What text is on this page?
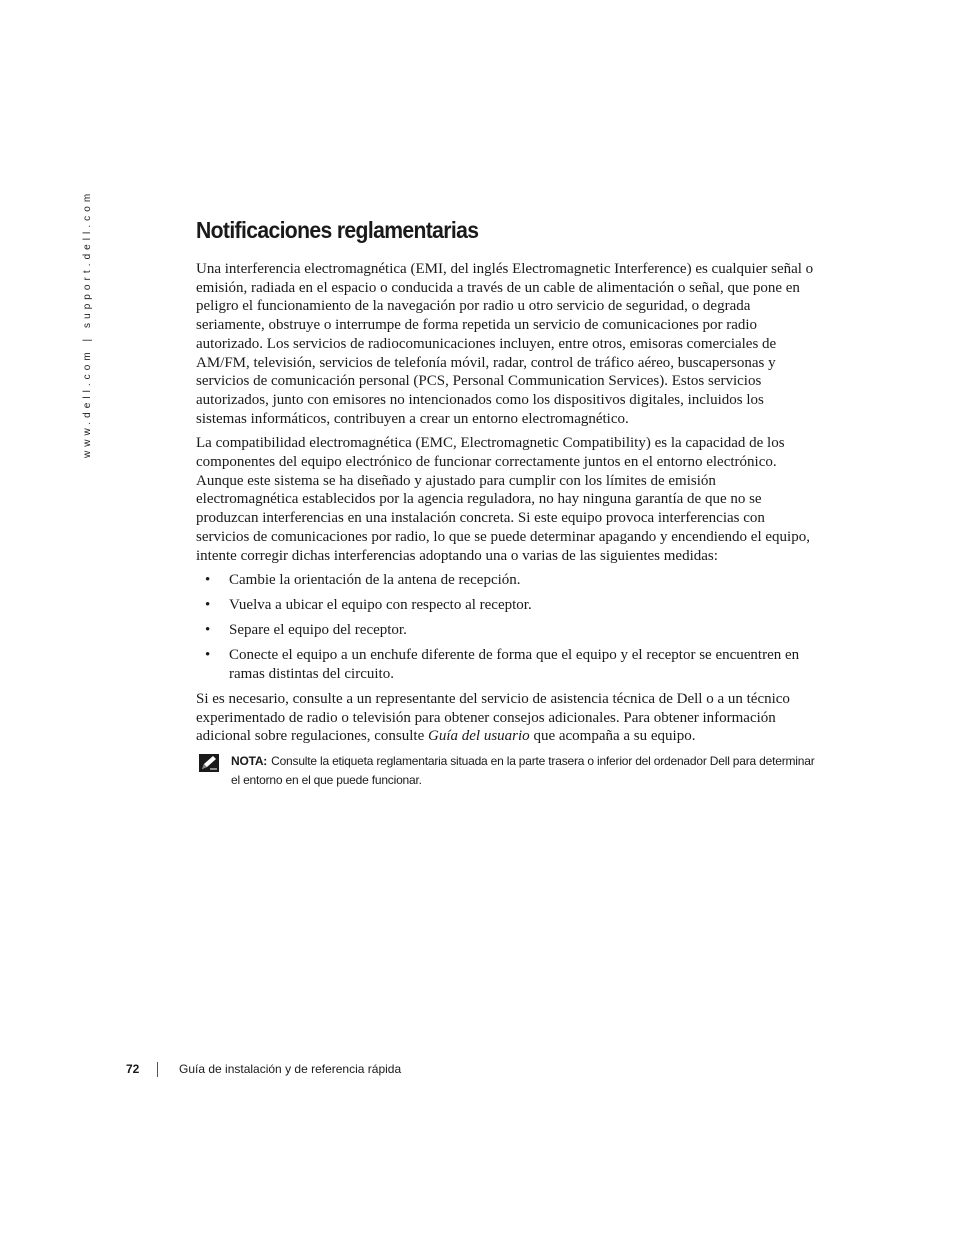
www.dell.com | support.dell.com	Notificaciones reglamentarias

Una interferencia electromagnética (EMI, del inglés Electromagnetic Interference) es cualquier señal o emisión, radiada en el espacio o conducida a través de un cable de alimentación o señal, que pone en peligro el funcionamiento de la navegación por radio u otro servicio de seguridad, o degrada seriamente, obstruye o interrumpe de forma repetida un servicio de comunicaciones por radio autorizado. Los servicios de radiocomunicaciones incluyen, entre otros, emisoras comerciales de AM/FM, televisión, servicios de telefonía móvil, radar, control de tráfico aéreo, buscapersonas y servicios de comunicación personal (PCS, Personal Communication Services). Estos servicios autorizados, junto con emisores no intencionados como los dispositivos digitales, incluidos los sistemas informáticos, contribuyen a crear un entorno electromagnético.

La compatibilidad electromagnética (EMC, Electromagnetic Compatibility) es la capacidad de los componentes del equipo electrónico de funcionar correctamente juntos en el entorno electrónico. Aunque este sistema se ha diseñado y ajustado para cumplir con los límites de emisión electromagnética establecidos por la agencia reguladora, no hay ninguna garantía de que no se produzcan interferencias en una instalación concreta. Si este equipo provoca interferencias con servicios de comunicaciones por radio, lo que se puede determinar apagando y encendiendo el equipo, intente corregir dichas interferencias adoptando una o varias de las siguientes medidas:

• Cambie la orientación de la antena de recepción.
• Vuelva a ubicar el equipo con respecto al receptor.
• Separe el equipo del receptor.
• Conecte el equipo a un enchufe diferente de forma que el equipo y el receptor se encuentren en ramas distintas del circuito.

Si es necesario, consulte a un representante del servicio de asistencia técnica de Dell o a un técnico experimentado de radio o televisión para obtener consejos adicionales. Para obtener información adicional sobre regulaciones, consulte Guía del usuario que acompaña a su equipo.

NOTA: Consulte la etiqueta reglamentaria situada en la parte trasera o inferior del ordenador Dell para determinar el entorno en el que puede funcionar.
72	Guía de instalación y de referencia rápida
